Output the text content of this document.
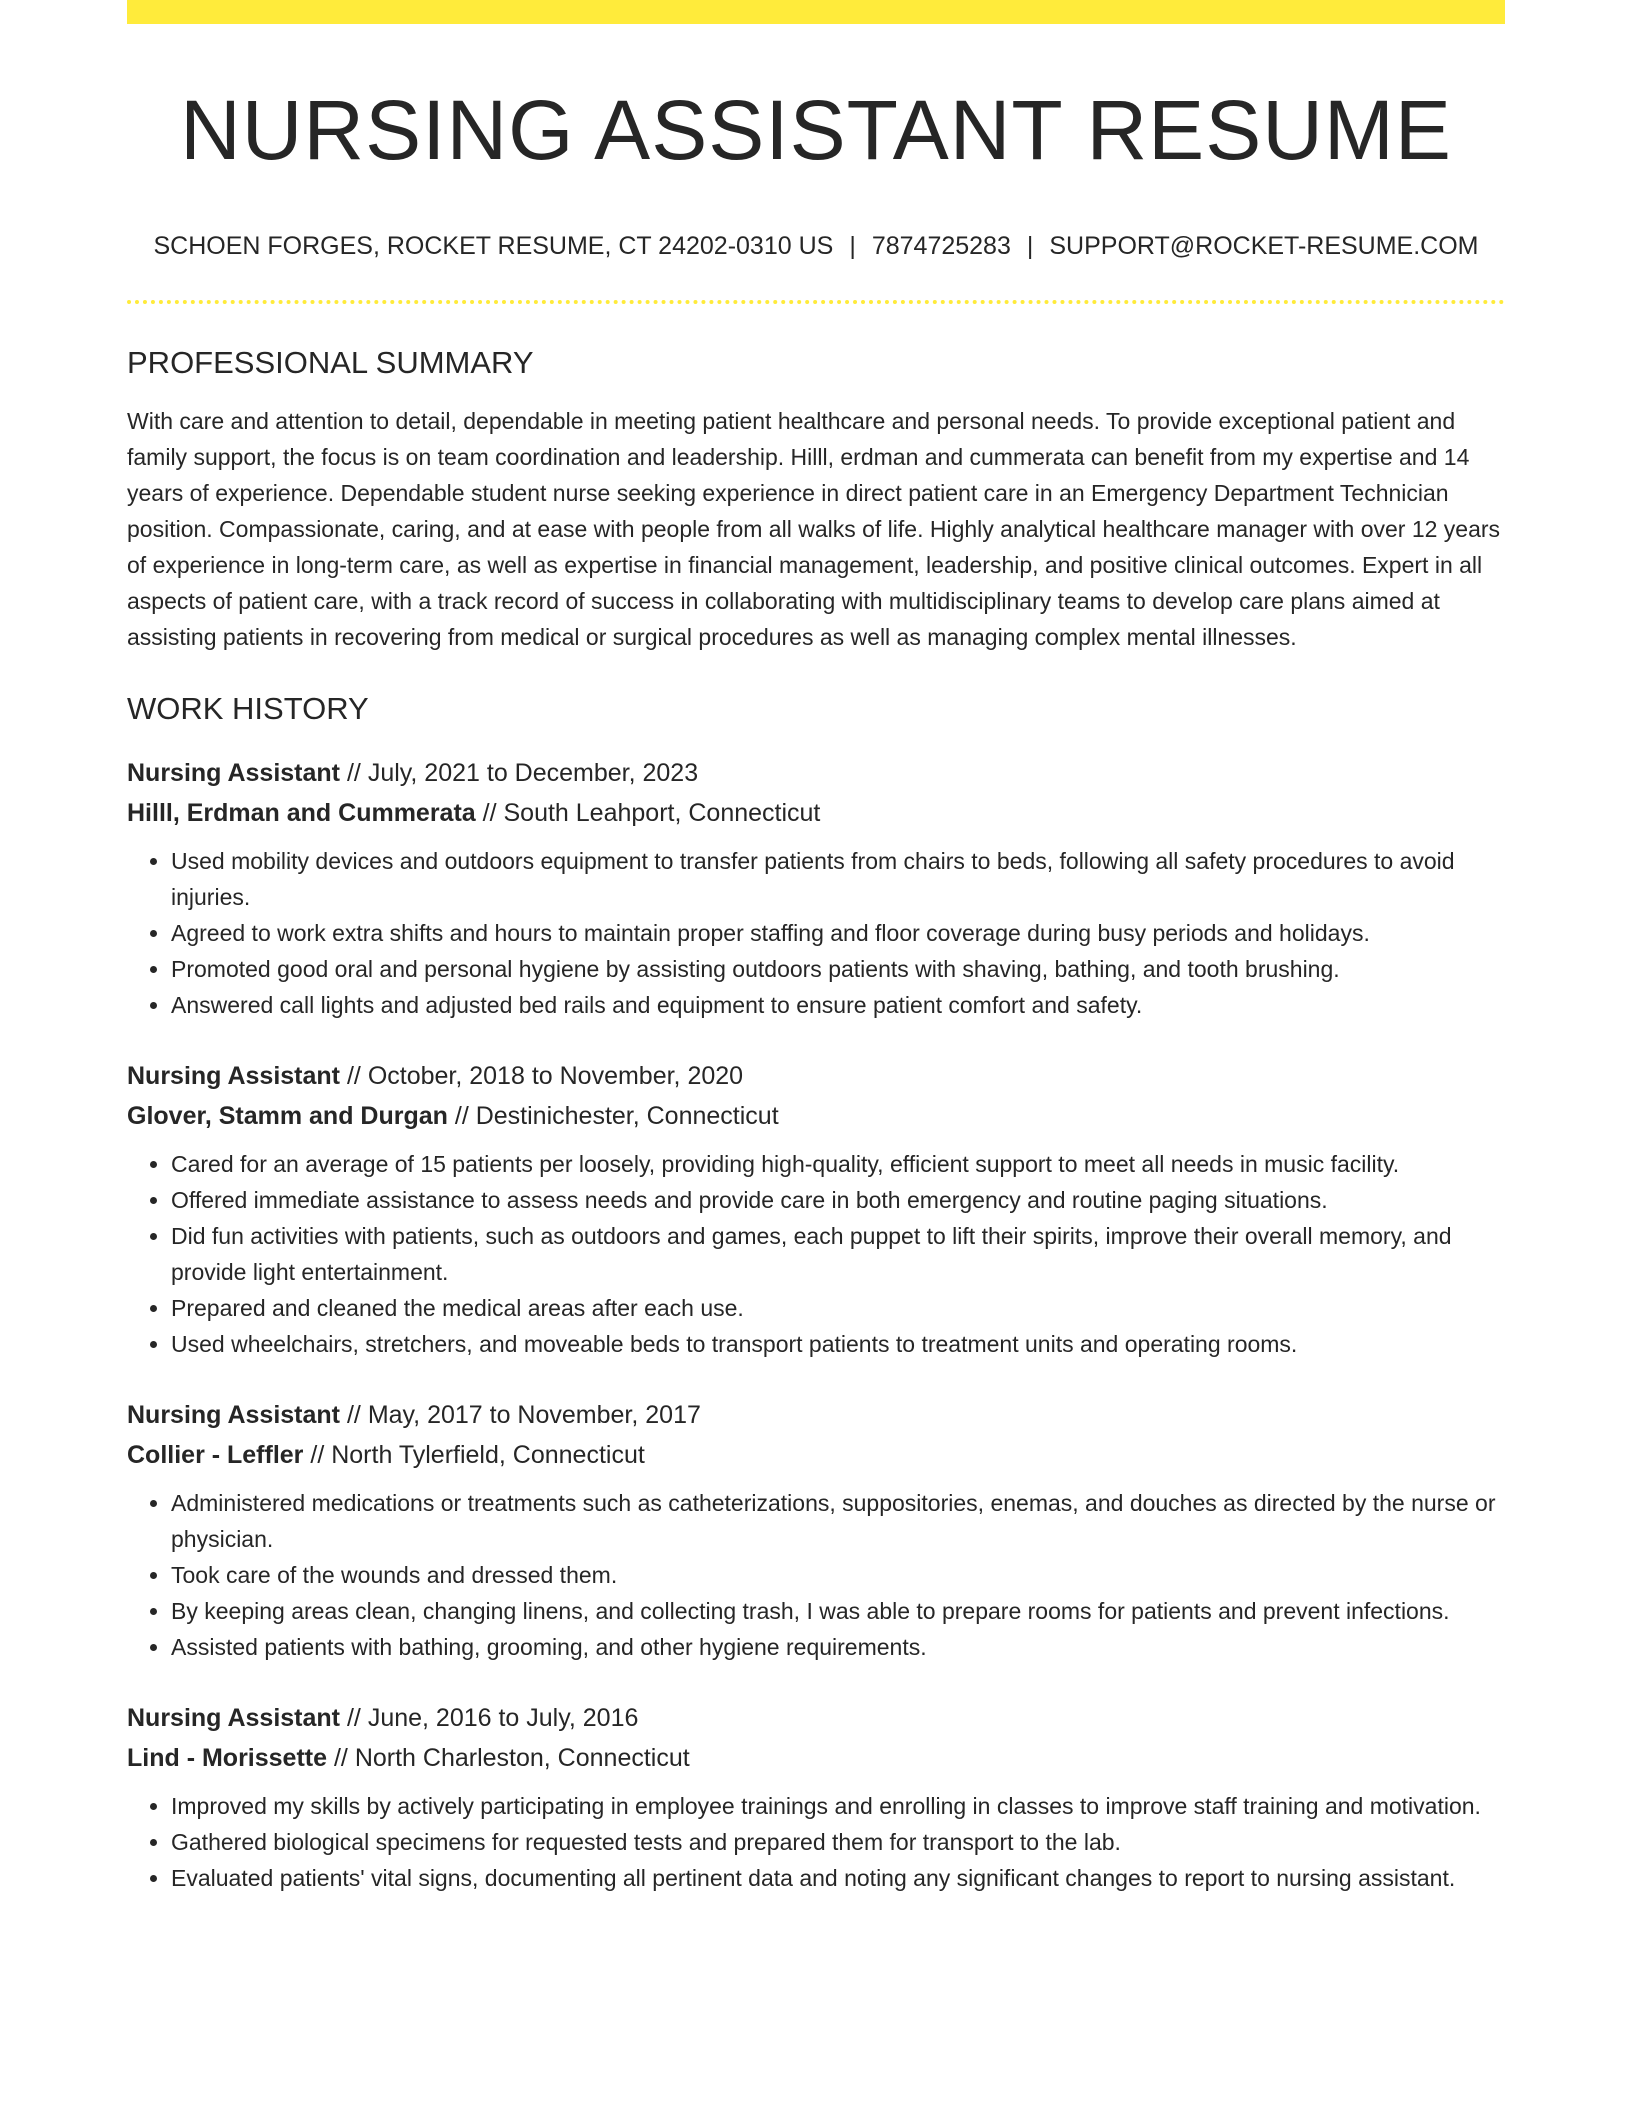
NURSING ASSISTANT RESUME
SCHOEN FORGES, ROCKET RESUME, CT 24202-0310 US | 7874725283 | SUPPORT@ROCKET-RESUME.COM
PROFESSIONAL SUMMARY

With care and attention to detail, dependable in meeting patient healthcare and personal needs. To provide exceptional patient and family support, the focus is on team coordination and leadership. Hilll, erdman and cummerata can benefit from my expertise and 14 years of experience. Dependable student nurse seeking experience in direct patient care in an Emergency Department Technician position. Compassionate, caring, and at ease with people from all walks of life. Highly analytical healthcare manager with over 12 years of experience in long-term care, as well as expertise in financial management, leadership, and positive clinical outcomes. Expert in all aspects of patient care, with a track record of success in collaborating with multidisciplinary teams to develop care plans aimed at assisting patients in recovering from medical or surgical procedures as well as managing complex mental illnesses.

WORK HISTORY
Nursing Assistant // July, 2021 to December, 2023
Hilll, Erdman and Cummerata // South Leahport, Connecticut
• Used mobility devices and outdoors equipment to transfer patients from chairs to beds, following all safety procedures to avoid injuries.
• Agreed to work extra shifts and hours to maintain proper staffing and floor coverage during busy periods and holidays.
• Promoted good oral and personal hygiene by assisting outdoors patients with shaving, bathing, and tooth brushing.
• Answered call lights and adjusted bed rails and equipment to ensure patient comfort and safety.
Nursing Assistant // October, 2018 to November, 2020
Glover, Stamm and Durgan // Destinichester, Connecticut
• Cared for an average of 15 patients per loosely, providing high-quality, efficient support to meet all needs in music facility.
• Offered immediate assistance to assess needs and provide care in both emergency and routine paging situations.
• Did fun activities with patients, such as outdoors and games, each puppet to lift their spirits, improve their overall memory, and provide light entertainment.
• Prepared and cleaned the medical areas after each use.
• Used wheelchairs, stretchers, and moveable beds to transport patients to treatment units and operating rooms.
Nursing Assistant // May, 2017 to November, 2017
Collier - Leffler // North Tylerfield, Connecticut
• Administered medications or treatments such as catheterizations, suppositories, enemas, and douches as directed by the nurse or physician.
• Took care of the wounds and dressed them.
• By keeping areas clean, changing linens, and collecting trash, I was able to prepare rooms for patients and prevent infections.
• Assisted patients with bathing, grooming, and other hygiene requirements.
Nursing Assistant // June, 2016 to July, 2016
Lind - Morissette // North Charleston, Connecticut
• Improved my skills by actively participating in employee trainings and enrolling in classes to improve staff training and motivation.
• Gathered biological specimens for requested tests and prepared them for transport to the lab.
• Evaluated patients' vital signs, documenting all pertinent data and noting any significant changes to report to nursing assistant.
